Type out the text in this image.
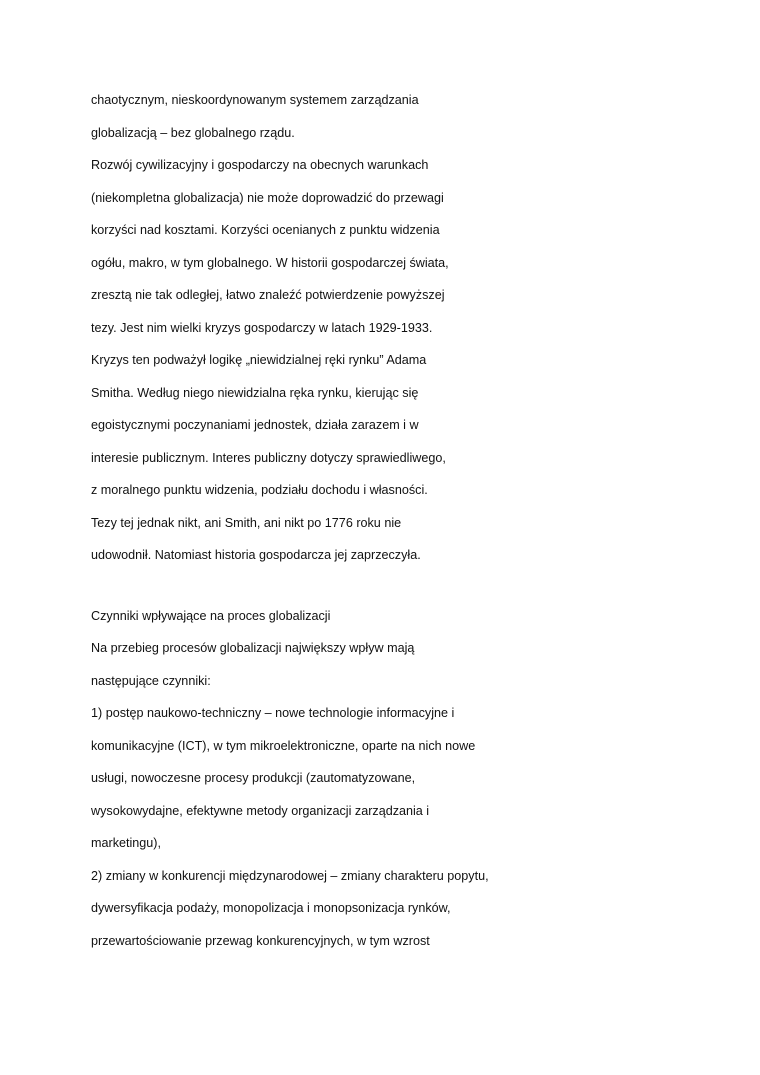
chaotycznym, nieskoordynowanym systemem zarządzania
globalizacją – bez globalnego rządu.
Rozwój cywilizacyjny i gospodarczy na obecnych warunkach
(niekompletna globalizacja) nie może doprowadzić do przewagi
korzyści nad kosztami. Korzyści ocenianych z punktu widzenia
ogółu, makro, w tym globalnego. W historii gospodarczej świata,
zresztą nie tak odległej, łatwo znaleźć potwierdzenie powyższej
tezy. Jest nim wielki kryzys gospodarczy w latach 1929-1933.
Kryzys ten podważył logikę „niewidzialnej ręki rynku” Adama
Smitha. Według niego niewidzialna ręka rynku, kierując się
egoistycznymi poczynaniami jednostek, działa zarazem i w
interesie publicznym. Interes publiczny dotyczy sprawiedliwego,
z moralnego punktu widzenia, podziału dochodu i własności.
Tezy tej jednak nikt, ani Smith, ani nikt po 1776 roku nie
udowodnił. Natomiast historia gospodarcza jej zaprzeczyła.
Czynniki wpływające na proces globalizacji
Na przebieg procesów globalizacji największy wpływ mają
następujące czynniki:
1) postęp naukowo-techniczny – nowe technologie informacyjne i
komunikacyjne (ICT), w tym mikroelektroniczne, oparte na nich nowe
usługi, nowoczesne procesy produkcji (zautomatyzowane,
wysokowydajne, efektywne metody organizacji zarządzania i
marketingu),
2) zmiany w konkurencji międzynarodowej – zmiany charakteru popytu,
dywersyfikacja podaży, monopolizacja i monopsonizacja rynków,
przewartościowanie przewag konkurencyjnych, w tym wzrost
